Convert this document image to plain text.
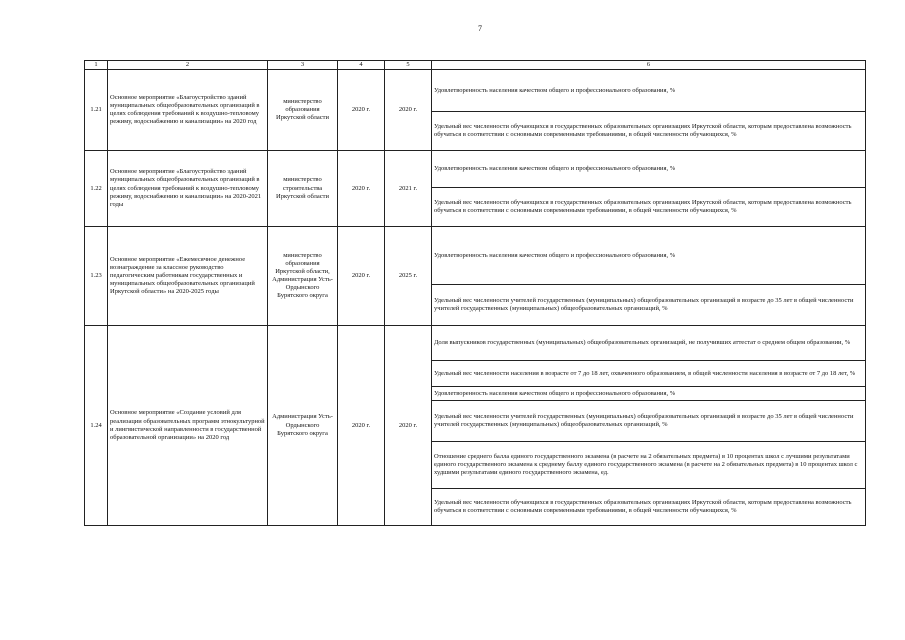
7
1	2	3	4	5	6
1.21	Основное мероприятие «Благоустройство зданий муниципальных общеобразовательных организаций в целях соблюдения требований к воздушно-тепловому режиму, водоснабжению и канализации» на 2020 год	министерство образования Иркутской области	2020 г.	2020 г.	Удовлетворенность населения качеством общего и профессионального образования, %
					Удельный вес численности обучающихся в государственных образовательных организациях Иркутской области, которым предоставлена возможность обучаться в соответствии с основными современными требованиями, в общей численности обучающихся, %
1.22	Основное мероприятие «Благоустройство зданий муниципальных общеобразовательных организаций в целях соблюдения требований к воздушно-тепловому режиму, водоснабжению и канализации» на 2020-2021 годы	министерство строительства Иркутской области	2020 г.	2021 г.	Удовлетворенность населения качеством общего и профессионального образования, %
					Удельный вес численности обучающихся в государственных образовательных организациях Иркутской области, которым предоставлена возможность обучаться в соответствии с основными современными требованиями, в общей численности обучающихся, %
1.23	Основное мероприятие «Ежемесячное денежное вознаграждение за классное руководство педагогическим работникам государственных и муниципальных общеобразовательных организаций Иркутской области» на 2020-2025 годы	министерство образования Иркутской области, Администрация Усть-Ордынского Бурятского округа	2020 г.	2025 г.	Удовлетворенность населения качеством общего и профессионального образования, %
					Удельный вес численности учителей государственных (муниципальных) общеобразовательных организаций в возрасте до 35 лет в общей численности учителей государственных (муниципальных) общеобразовательных организаций, %
1.24	Основное мероприятие «Создание условий для реализации образовательных программ этнокультурной и лингвистической направленности в государственной образовательной организации» на 2020 год	Администрация Усть-Ордынского Бурятского округа	2020 г.	2020 г.	Доля выпускников государственных (муниципальных) общеобразовательных организаций, не получивших аттестат о среднем общем образовании, %
					Удельный вес численности населения в возрасте от 7 до 18 лет, охваченного образованием, в общей численности населения в возрасте от 7 до 18 лет, %
					Удовлетворенность населения качеством общего и профессионального образования, %
					Удельный вес численности учителей государственных (муниципальных) общеобразовательных организаций в возрасте до 35 лет в общей численности учителей государственных (муниципальных) общеобразовательных организаций, %
					Отношение среднего балла единого государственного экзамена (в расчете на 2 обязательных предмета) в 10 процентах школ с лучшими результатами единого государственного экзамена к среднему баллу единого государственного экзамена (в расчете на 2 обязательных предмета) в 10 процентах школ с худшими результатами единого государственного экзамена, ед.
					Удельный вес численности обучающихся в государственных образовательных организациях Иркутской области, которым предоставлена возможность обучаться в соответствии с основными современными требованиями, в общей численности обучающихся, %
